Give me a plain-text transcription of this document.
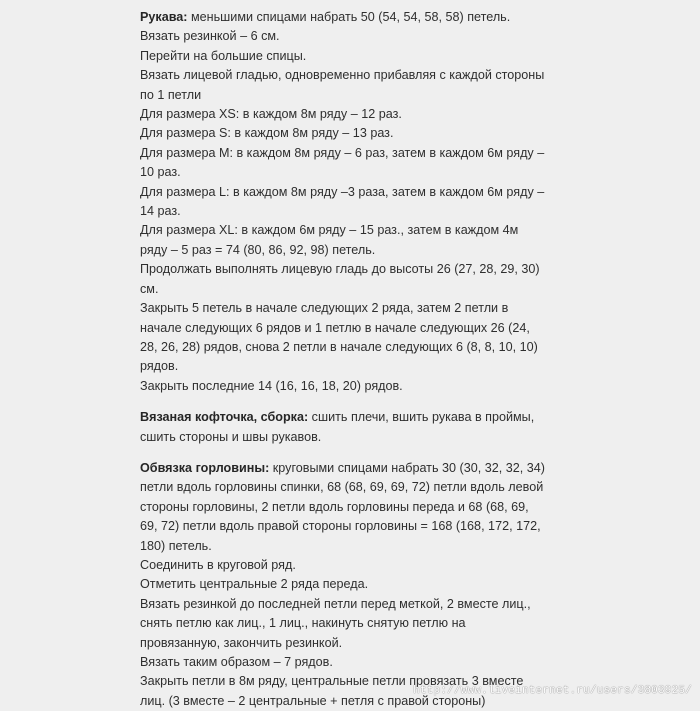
Рукава: меньшими спицами набрать 50 (54, 54, 58, 58) петель.
Вязать резинкой – 6 см.
Перейти на большие спицы.
Вязать лицевой гладью, одновременно прибавляя с каждой стороны
по 1 петли
Для размера XS: в каждом 8м ряду – 12 раз.
Для размера S: в каждом 8м ряду – 13 раз.
Для размера M: в каждом 8м ряду – 6 раз, затем в каждом 6м ряду –
10 раз.
Для размера L: в каждом 8м ряду –3 раза, затем в каждом 6м ряду –
14 раз.
Для размера XL: в каждом 6м ряду – 15 раз., затем в каждом 4м
ряду – 5 раз = 74 (80, 86, 92, 98) петель.
Продолжать выполнять лицевую гладь до высоты 26 (27, 28, 29, 30)
см.
Закрыть 5 петель в начале следующих 2 ряда, затем 2 петли в
начале следующих 6 рядов и 1 петлю в начале следующих 26 (24,
28, 26, 28) рядов, снова 2 петли в начале следующих 6 (8, 8, 10, 10)
рядов.
Закрыть последние 14 (16, 16, 18, 20) рядов.
Вязаная кофточка, сборка: сшить плечи, вшить рукава в проймы,
сшить стороны и швы рукавов.
Обвязка горловины: круговыми спицами набрать 30 (30, 32, 32, 34)
петли вдоль горловины спинки, 68 (68, 69, 69, 72) петли вдоль левой
стороны горловины, 2 петли вдоль горловины переда и 68 (68, 69,
69, 72) петли вдоль правой стороны горловины = 168 (168, 172, 172,
180) петель.
Соединить в круговой ряд.
Отметить центральные 2 ряда переда.
Вязать резинкой до последней петли перед меткой, 2 вместе лиц.,
снять петлю как лиц., 1 лиц., накинуть снятую петлю на
провязанную, закончить резинкой.
Вязать таким образом – 7 рядов.
Закрыть петли в 8м ряду, центральные петли провязать 3 вместе
лиц. (3 вместе – 2 центральные + петля с правой стороны)
http://www.liveinternet.ru/users/3803925/
